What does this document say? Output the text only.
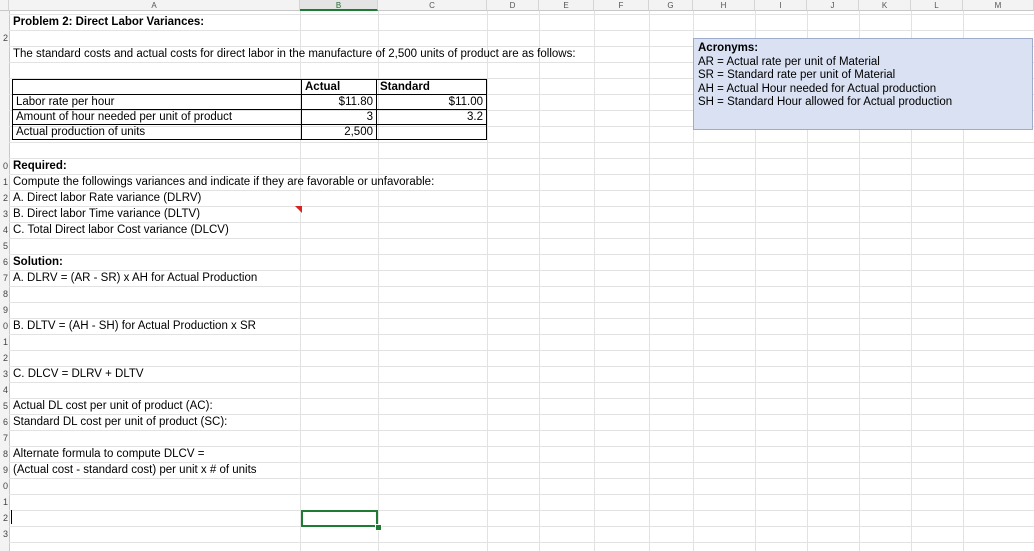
A	B	C	D	E	F	G	H	I	J	K	L	M
2
0
1
2
3
4
5
6
7
8
9
0
1
2
3
4
5
6
7
8
9
0
1
2
3
Problem 2: Direct Labor Variances:
The standard costs and actual costs for direct labor in the manufacture of 2,500 units of product are as follows:
	Actual	Standard
Labor rate per hour	$11.80	$11.00
Amount of hour needed per unit of product	3	3.2
Actual production of units	2,500	
Required:
Compute the followings variances and indicate if they are favorable or unfavorable:
A. Direct labor Rate variance (DLRV)
B. Direct labor Time variance (DLTV)
C. Total Direct labor Cost variance (DLCV)
Solution:
A. DLRV = (AR - SR) x AH for Actual Production
B. DLTV = (AH - SH) for Actual Production x SR
C. DLCV = DLRV + DLTV
Actual DL cost per unit of product (AC):
Standard DL cost per unit of product (SC):
Alternate formula to compute DLCV =
(Actual cost - standard cost) per unit x # of units
Acronyms:
AR = Actual rate per unit of Material
SR = Standard rate per unit of Material
AH = Actual Hour needed for Actual production
SH = Standard Hour allowed for Actual production
